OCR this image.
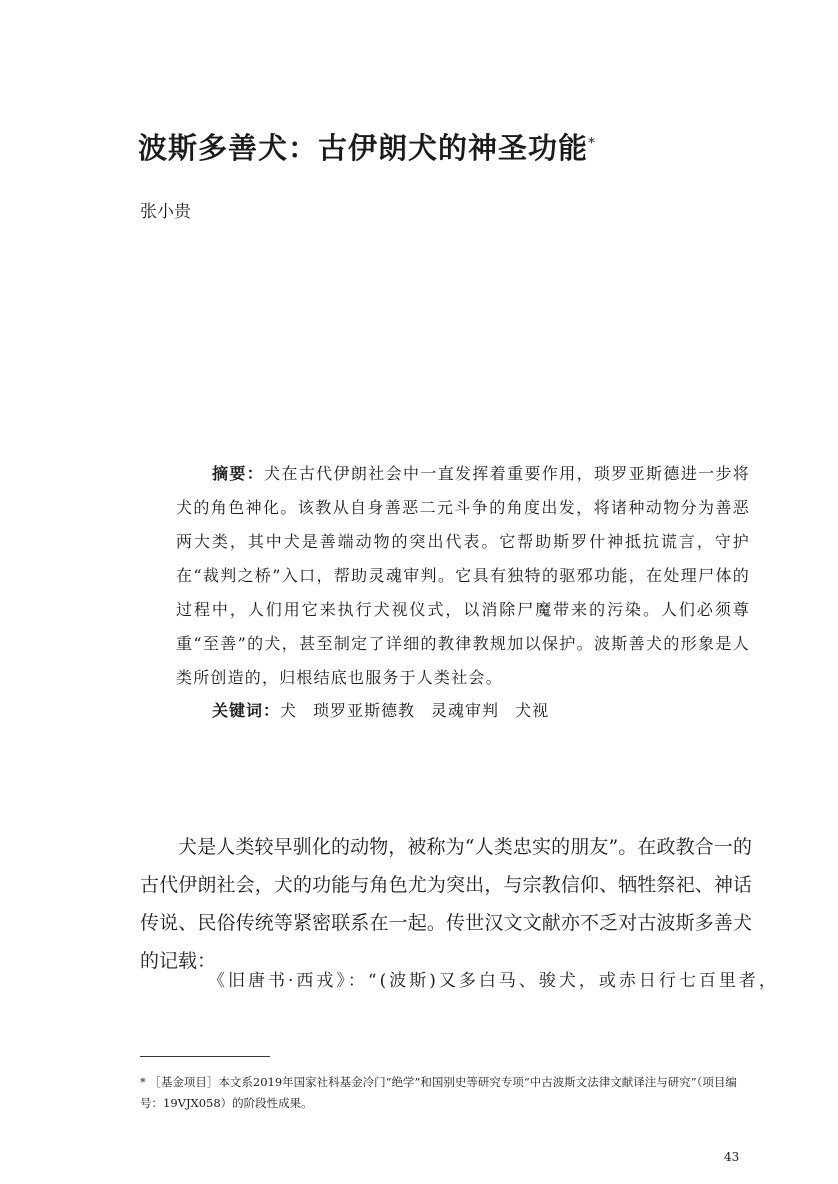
波斯多善犬：古伊朗犬的神圣功能*

张小贵

摘要：犬在古代伊朗社会中一直发挥着重要作用，琐罗亚斯德进一步将犬的角色神化。该教从自身善恶二元斗争的角度出发，将诸种动物分为善恶两大类，其中犬是善端动物的突出代表。它帮助斯罗什神抵抗谎言，守护在“裁判之桥”入口，帮助灵魂审判。它具有独特的驱邪功能，在处理尸体的过程中，人们用它来执行犬视仪式，以消除尸魔带来的污染。人们必须尊重“至善”的犬，甚至制定了详细的教律教规加以保护。波斯善犬的形象是人类所创造的，归根结底也服务于人类社会。

关键词：犬 琐罗亚斯德教 灵魂审判 犬视

犬是人类较早驯化的动物，被称为“人类忠实的朋友”。在政教合一的古代伊朗社会，犬的功能与角色尤为突出，与宗教信仰、牺牲祭祀、神话传说、民俗传统等紧密联系在一起。传世汉文文献亦不乏对古波斯多善犬的记载：

《旧唐书·西戎》：“(波斯)又多白马、骏犬，或赤日行七百里者，

* ［基金项目］本文系2019年国家社科基金冷门“绝学”和国别史等研究专项“中古波斯文法律文献译注与研究”（项目编号：19VJX058）的阶段性成果。

43
